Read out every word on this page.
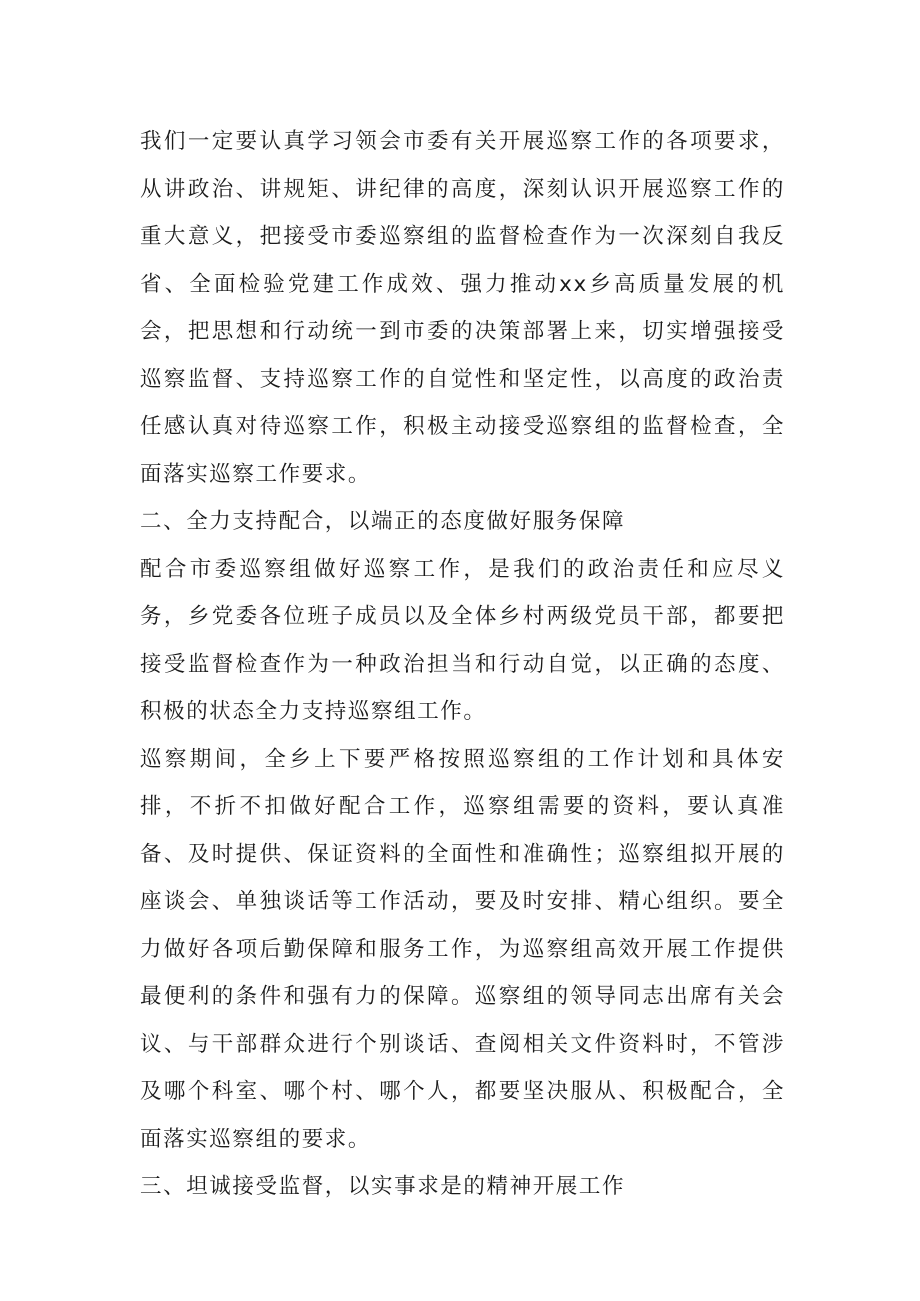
我们一定要认真学习领会市委有关开展巡察工作的各项要求，从讲政治、讲规矩、讲纪律的高度，深刻认识开展巡察工作的重大意义，把接受市委巡察组的监督检查作为一次深刻自我反省、全面检验党建工作成效、强力推动xx乡高质量发展的机会，把思想和行动统一到市委的决策部署上来，切实增强接受巡察监督、支持巡察工作的自觉性和坚定性，以高度的政治责任感认真对待巡察工作，积极主动接受巡察组的监督检查，全面落实巡察工作要求。

二、全力支持配合，以端正的态度做好服务保障

配合市委巡察组做好巡察工作，是我们的政治责任和应尽义务，乡党委各位班子成员以及全体乡村两级党员干部，都要把接受监督检查作为一种政治担当和行动自觉，以正确的态度、积极的状态全力支持巡察组工作。

巡察期间，全乡上下要严格按照巡察组的工作计划和具体安排，不折不扣做好配合工作，巡察组需要的资料，要认真准备、及时提供、保证资料的全面性和准确性；巡察组拟开展的座谈会、单独谈话等工作活动，要及时安排、精心组织。要全力做好各项后勤保障和服务工作，为巡察组高效开展工作提供最便利的条件和强有力的保障。巡察组的领导同志出席有关会议、与干部群众进行个别谈话、查阅相关文件资料时，不管涉及哪个科室、哪个村、哪个人，都要坚决服从、积极配合，全面落实巡察组的要求。

三、坦诚接受监督，以实事求是的精神开展工作
